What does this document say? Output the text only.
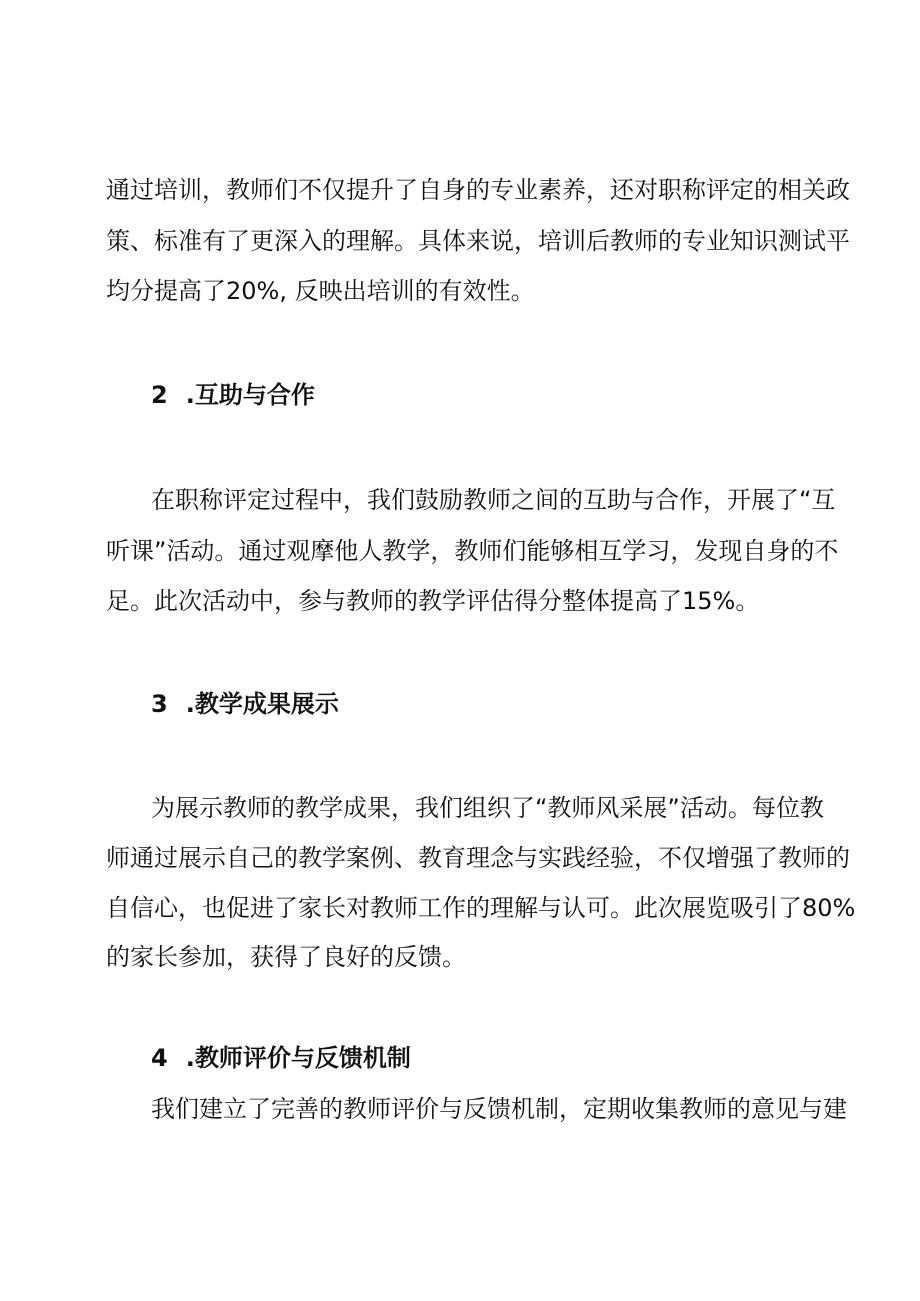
通过培训，教师们不仅提升了自身的专业素养，还对职称评定的相关政

策、标准有了更深入的理解。具体来说，培训后教师的专业知识测试平

均分提高了20%, 反映出培训的有效性。

2 .互助与合作

在职称评定过程中，我们鼓励教师之间的互助与合作，开展了“互

听课”活动。通过观摩他人教学，教师们能够相互学习，发现自身的不

足。此次活动中，参与教师的教学评估得分整体提高了15%。

3 .教学成果展示

为展示教师的教学成果，我们组织了“教师风采展”活动。每位教

师通过展示自己的教学案例、教育理念与实践经验，不仅增强了教师的

自信心，也促进了家长对教师工作的理解与认可。此次展览吸引了80%

的家长参加，获得了良好的反馈。

4 .教师评价与反馈机制

我们建立了完善的教师评价与反馈机制，定期收集教师的意见与建
